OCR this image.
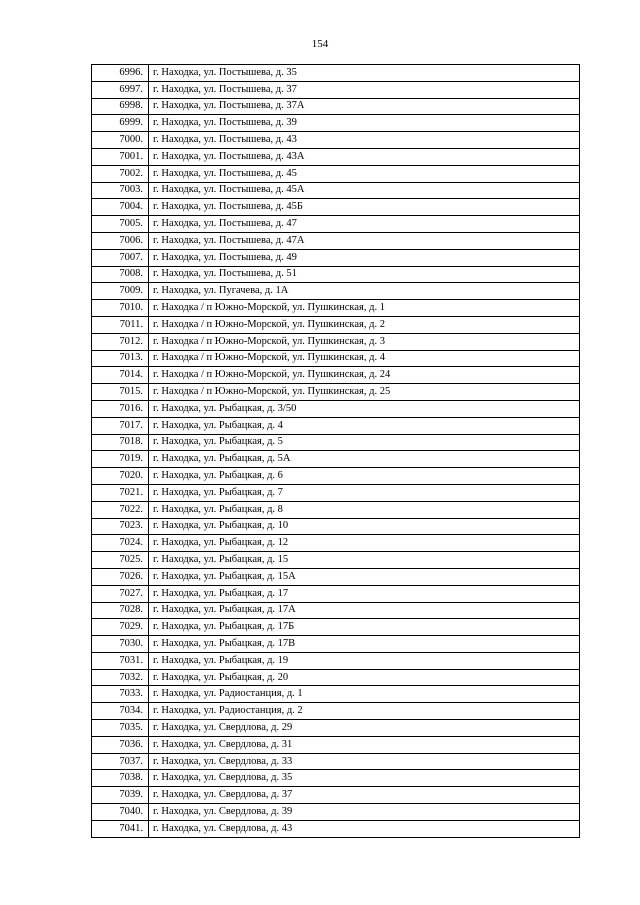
154
6996.	г. Находка, ул. Постышева, д. 35
6997.	г. Находка, ул. Постышева, д. 37
6998.	г. Находка, ул. Постышева, д. 37А
6999.	г. Находка, ул. Постышева, д. 39
7000.	г. Находка, ул. Постышева, д. 43
7001.	г. Находка, ул. Постышева, д. 43А
7002.	г. Находка, ул. Постышева, д. 45
7003.	г. Находка, ул. Постышева, д. 45А
7004.	г. Находка, ул. Постышева, д. 45Б
7005.	г. Находка, ул. Постышева, д. 47
7006.	г. Находка, ул. Постышева, д. 47А
7007.	г. Находка, ул. Постышева, д. 49
7008.	г. Находка, ул. Постышева, д. 51
7009.	г. Находка, ул. Пугачева, д. 1А
7010.	г. Находка / п Южно-Морской, ул. Пушкинская, д. 1
7011.	г. Находка / п Южно-Морской, ул. Пушкинская, д. 2
7012.	г. Находка / п Южно-Морской, ул. Пушкинская, д. 3
7013.	г. Находка / п Южно-Морской, ул. Пушкинская, д. 4
7014.	г. Находка / п Южно-Морской, ул. Пушкинская, д. 24
7015.	г. Находка / п Южно-Морской, ул. Пушкинская, д. 25
7016.	г. Находка, ул. Рыбацкая, д. 3/50
7017.	г. Находка, ул. Рыбацкая, д. 4
7018.	г. Находка, ул. Рыбацкая, д. 5
7019.	г. Находка, ул. Рыбацкая, д. 5А
7020.	г. Находка, ул. Рыбацкая, д. 6
7021.	г. Находка, ул. Рыбацкая, д. 7
7022.	г. Находка, ул. Рыбацкая, д. 8
7023.	г. Находка, ул. Рыбацкая, д. 10
7024.	г. Находка, ул. Рыбацкая, д. 12
7025.	г. Находка, ул. Рыбацкая, д. 15
7026.	г. Находка, ул. Рыбацкая, д. 15А
7027.	г. Находка, ул. Рыбацкая, д. 17
7028.	г. Находка, ул. Рыбацкая, д. 17А
7029.	г. Находка, ул. Рыбацкая, д. 17Б
7030.	г. Находка, ул. Рыбацкая, д. 17В
7031.	г. Находка, ул. Рыбацкая, д. 19
7032.	г. Находка, ул. Рыбацкая, д. 20
7033.	г. Находка, ул. Радиостанция, д. 1
7034.	г. Находка, ул. Радиостанция, д. 2
7035.	г. Находка, ул. Свердлова, д. 29
7036.	г. Находка, ул. Свердлова, д. 31
7037.	г. Находка, ул. Свердлова, д. 33
7038.	г. Находка, ул. Свердлова, д. 35
7039.	г. Находка, ул. Свердлова, д. 37
7040.	г. Находка, ул. Свердлова, д. 39
7041.	г. Находка, ул. Свердлова, д. 43
